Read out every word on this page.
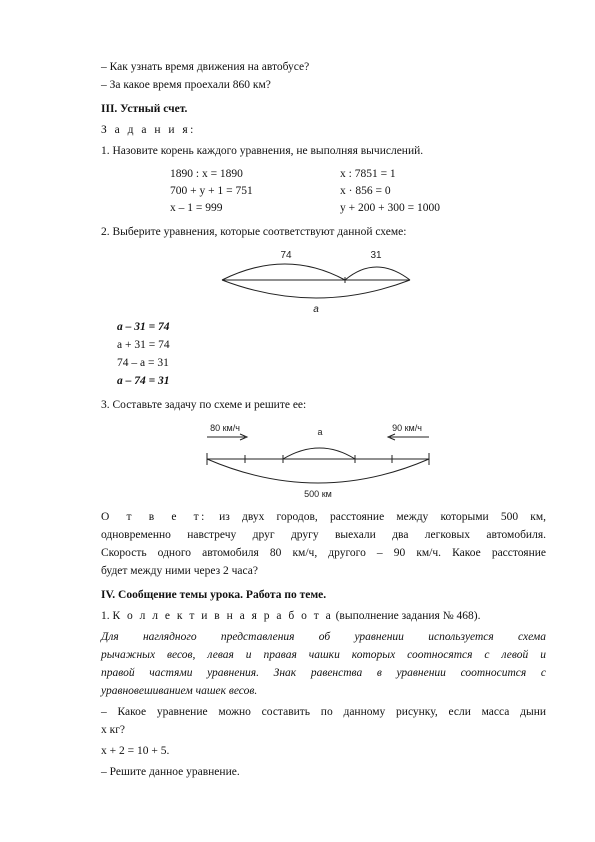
– Как узнать время движения на автобусе?
– За какое время проехали 860 км?
III. Устный счет.
З а д а н и я:
1. Назовите корень каждого уравнения, не выполняя вычислений.
1890 : x = 1890	x : 7851 = 1
700 + y + 1 = 751	x · 856 = 0
x – 1 = 999	y + 200 + 300 = 1000
2. Выберите уравнения, которые соответствуют данной схеме:
74	31
a
a – 31 = 74
a + 31 = 74
74 – a = 31
a – 74 = 31
3. Составьте задачу по схеме и решите ее:
80 км/ч	90 км/ч
a
500 км
О т в е т: из двух городов, расстояние между которыми 500 км,
одновременно навстречу друг другу выехали два легковых автомобиля.
Скорость одного автомобиля 80 км/ч, другого – 90 км/ч. Какое расстояние
будет между ними через 2 часа?
IV. Сообщение темы урока. Работа по теме.
1. К о л л е к т и в н а я р а б о т а (выполнение задания № 468).
Для наглядного представления об уравнении используется схема
рычажных весов, левая и правая чашки которых соотносятся с левой и
правой частями уравнения. Знак равенства в уравнении соотносится с
уравновешиванием чашек весов.
– Какое уравнение можно составить по данному рисунку, если масса дыни
x кг?
x + 2 = 10 + 5.
– Решите данное уравнение.
